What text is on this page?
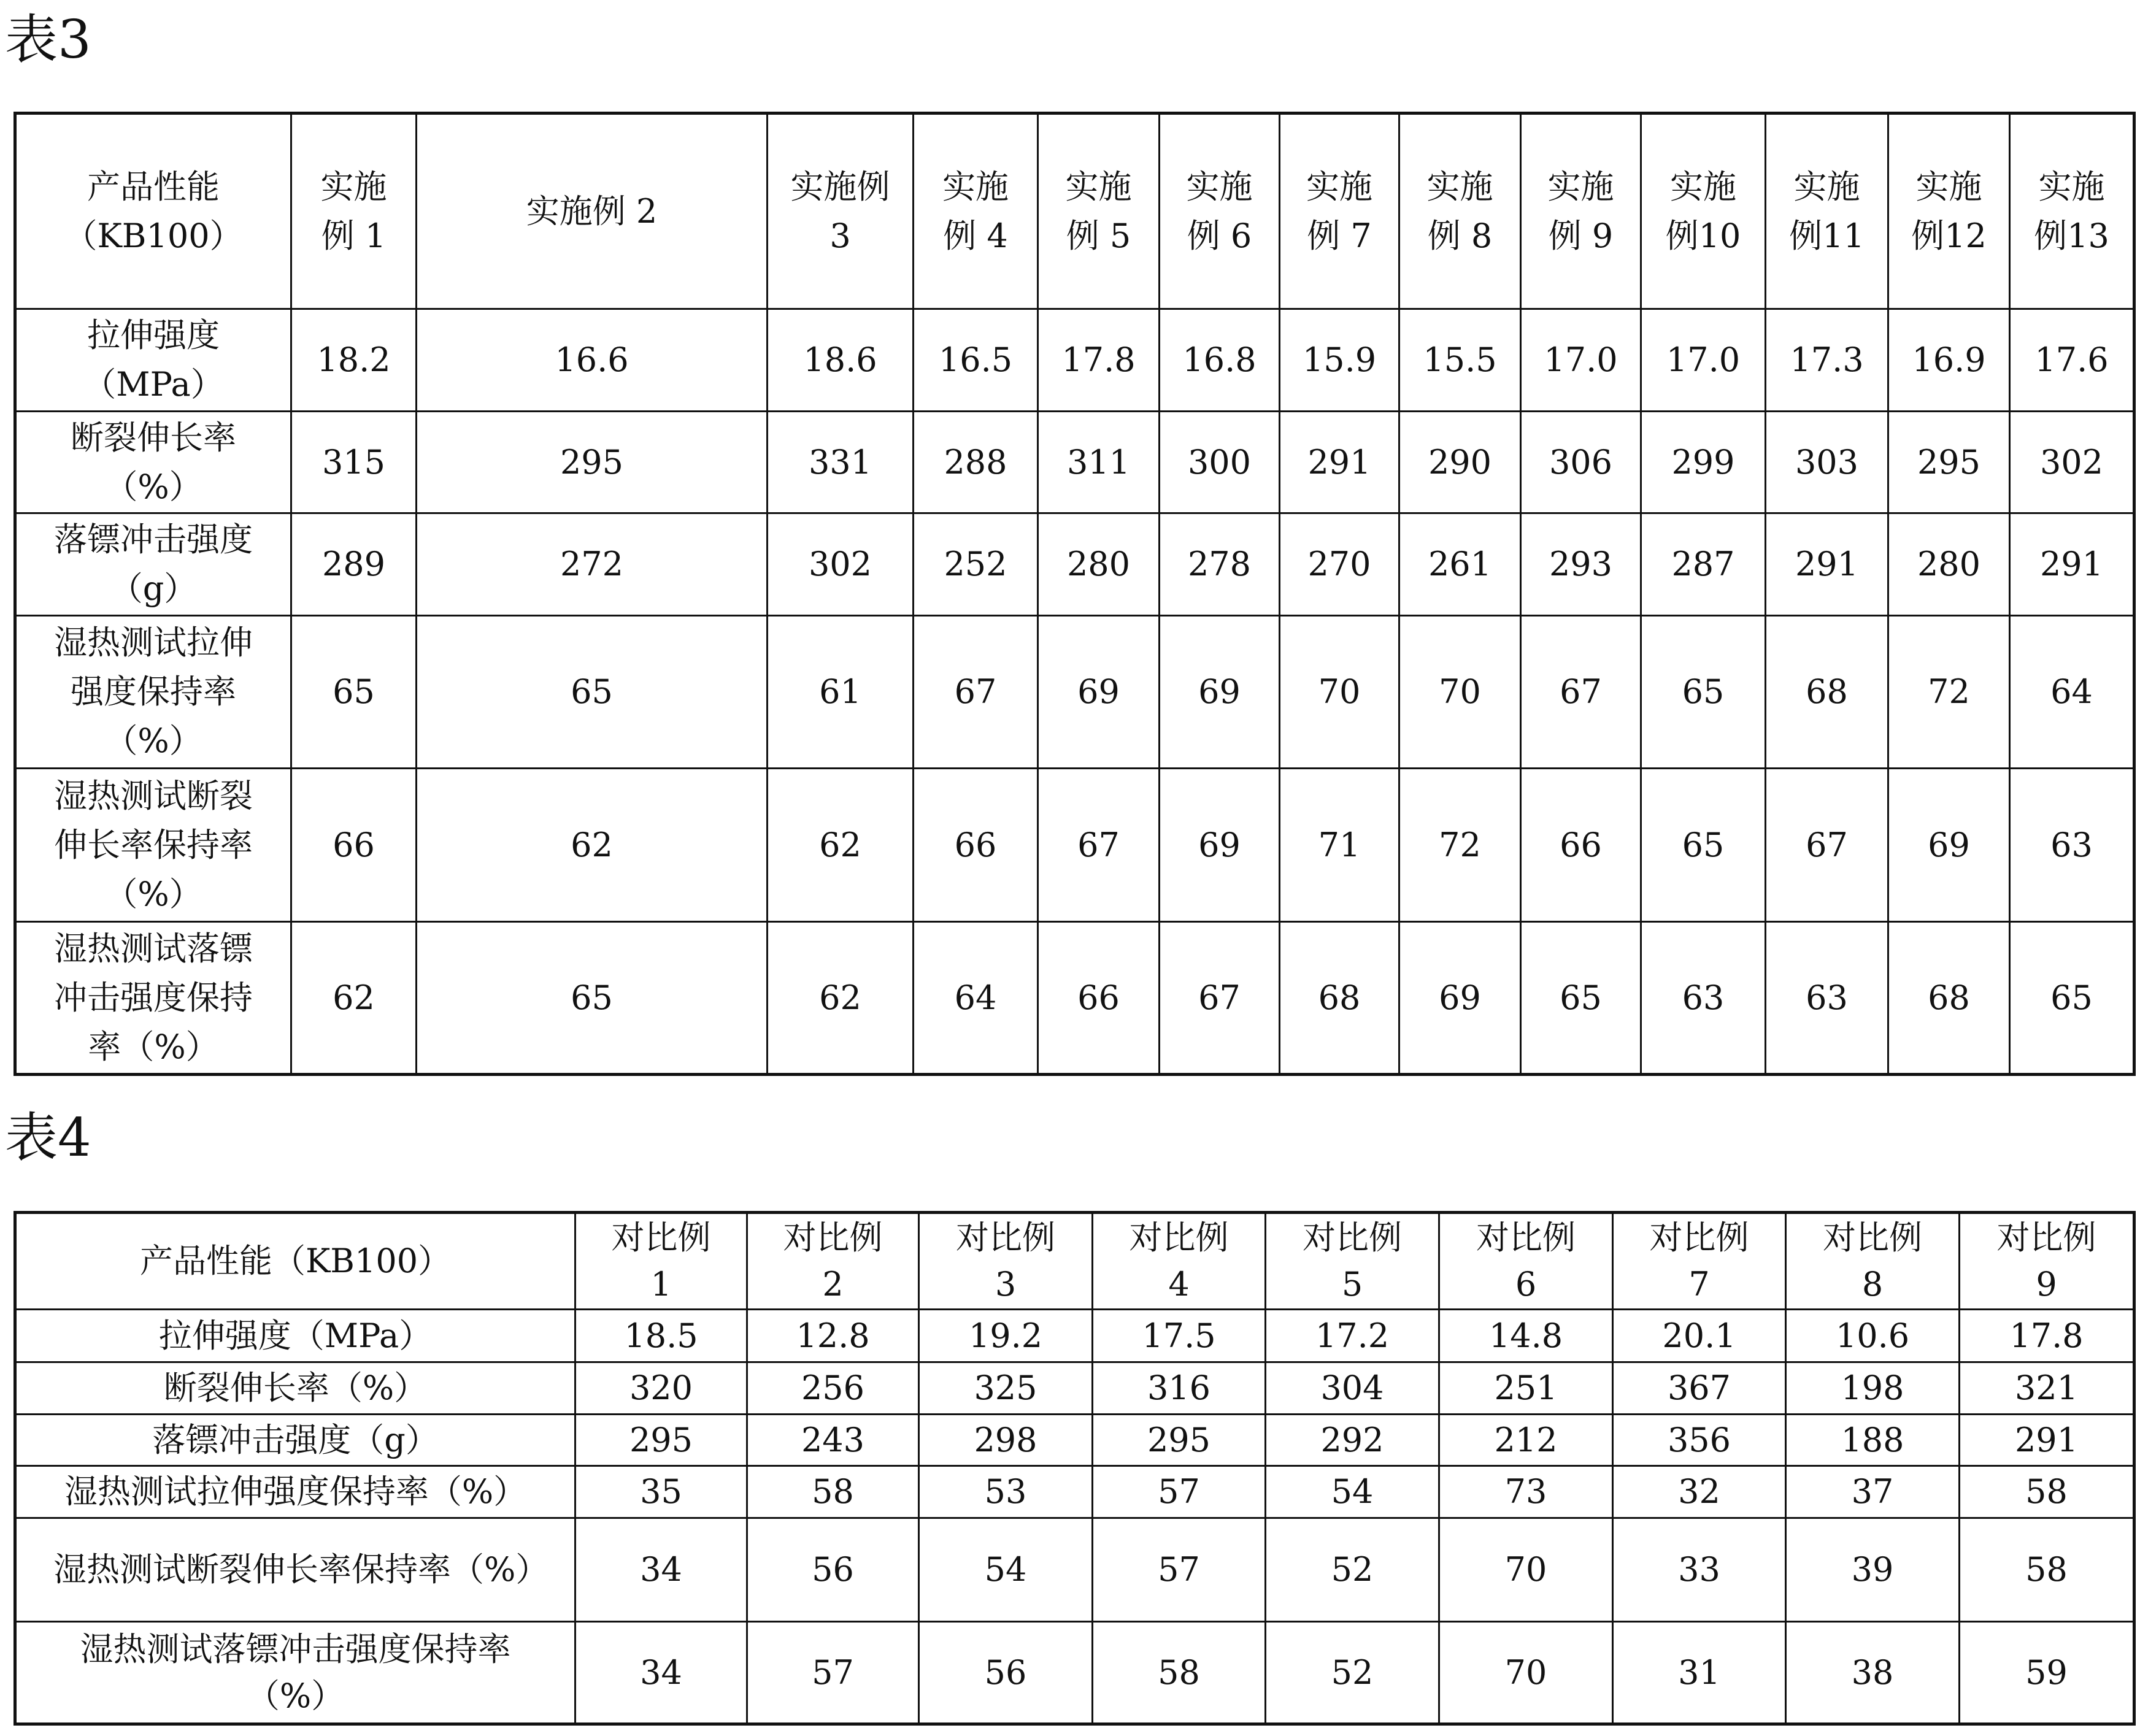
表3
产品性能（KB100）	实施例 1	实施例 2	实施例 3	实施例 4	实施例 5	实施例 6	实施例 7	实施例 8	实施例 9	实施例10	实施例11	实施例12	实施例13
拉伸强度（MPa）	18.2	16.6	18.6	16.5	17.8	16.8	15.9	15.5	17.0	17.0	17.3	16.9	17.6
断裂伸长率（%）	315	295	331	288	311	300	291	290	306	299	303	295	302
落镖冲击强度（g）	289	272	302	252	280	278	270	261	293	287	291	280	291
湿热测试拉伸强度保持率（%）	65	65	61	67	69	69	70	70	67	65	68	72	64
湿热测试断裂伸长率保持率（%）	66	62	62	66	67	69	71	72	66	65	67	69	63
湿热测试落镖冲击强度保持率（%）	62	65	62	64	66	67	68	69	65	63	63	68	65
表4
产品性能（KB100）	对比例1	对比例2	对比例3	对比例4	对比例5	对比例6	对比例7	对比例8	对比例9
拉伸强度（MPa）	18.5	12.8	19.2	17.5	17.2	14.8	20.1	10.6	17.8
断裂伸长率（%）	320	256	325	316	304	251	367	198	321
落镖冲击强度（g）	295	243	298	295	292	212	356	188	291
湿热测试拉伸强度保持率（%）	35	58	53	57	54	73	32	37	58
湿热测试断裂伸长率保持率（%）	34	56	54	57	52	70	33	39	58
湿热测试落镖冲击强度保持率（%）	34	57	56	58	52	70	31	38	59
